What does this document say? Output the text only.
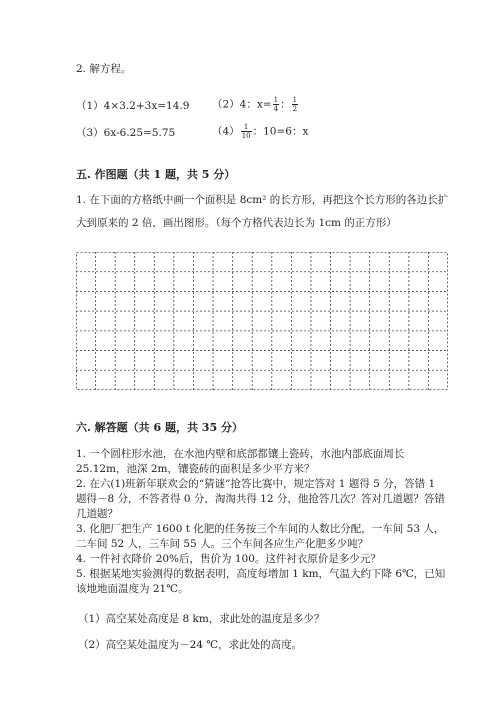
2. 解方程。
（1）4×3.2+3x=14.9 （2）4：$x= \frac{1}{4}$ ： $\frac{1}{2}$
（3）6x-6.25=5.75	$(4) \frac{1}{10}$ ：10=6：x
五. 作图题（共 1 题，共 5 分）
1. 在下面的方格纸中画一个面积是 8cm² 的长方形，再把这个长方形的各边长扩
大到原来的 2 倍，画出图形。（每个方格代表边长为 1cm 的正方形）
六. 解答题（共 6 题，共 35 分）
1. 一个圆柱形水池，在水池内壁和底部都镶上瓷砖，水池内部底面周长
25.12m，池深 2m，镶瓷砖的面积是多少平方米？
2. 在六(1)班新年联欢会的“猜谜”抢答比赛中，规定答对 1 题得 5 分，答错 1
题得－8 分，不答者得 0 分，淘淘共得 12 分，他抢答几次？答对几道题？答错
几道题？
3. 化肥厂把生产 1600 t 化肥的任务按三个车间的人数比分配，一车间 53 人，
二车间 52 人，三车间 55 人。三个车间各应生产化肥多少吨？
4. 一件衬衣降价 20%后，售价为 100。这件衬衣原价是多少元？
5. 根据某地实验测得的数据表明，高度每增加 1 km，气温大约下降 6℃，已知
该地地面温度为 21℃。
（1）高空某处高度是 8 km，求此处的温度是多少？
（2）高空某处温度为－24 ℃，求此处的高度。
